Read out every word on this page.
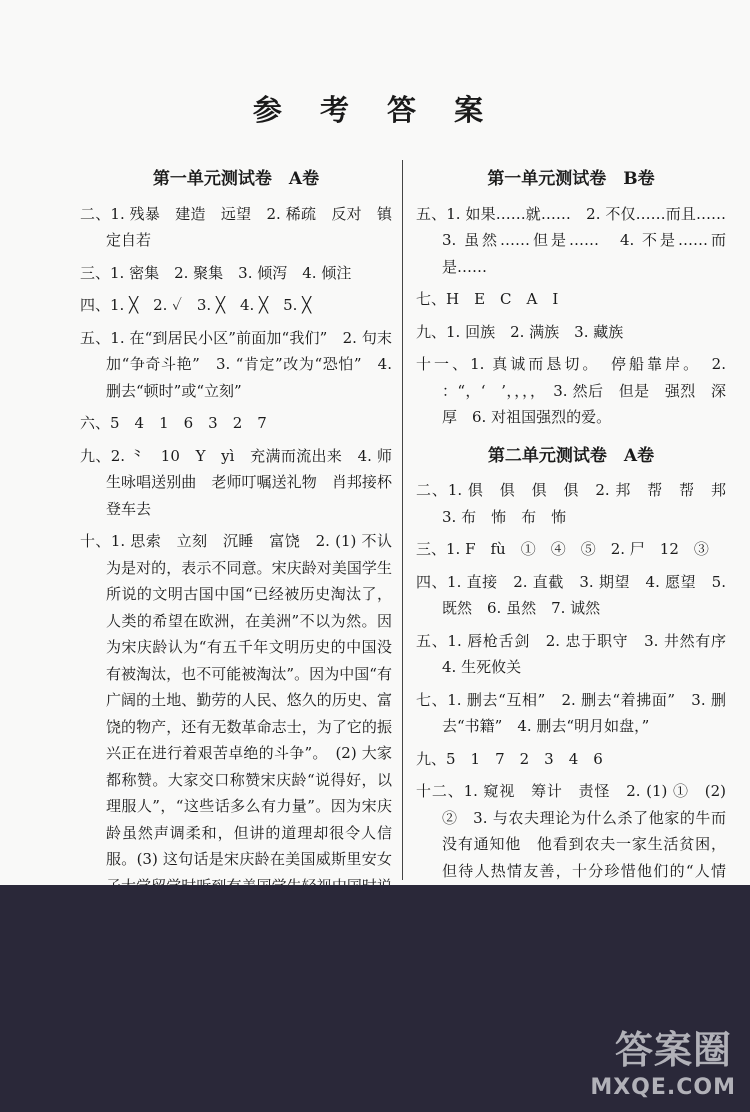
参 考 答 案
第一单元测试卷　A卷
二、1. 残暴　建造　远望　2. 稀疏　反对　镇定自若
三、1. 密集　2. 聚集　3. 倾泻　4. 倾注
四、1. ╳　2. ✓　3. ╳　4. ╳　5. ╳
五、1. 在“到居民小区”前面加“我们”　2. 句末加“争奇斗艳”　3. “肯定”改为“恐怕”　4. 删去“顿时”或“立刻”
六、5　4　1　6　3　2　7
九、2. ⺀　10　Y　yì　充满而流出来　4. 师生咏唱送别曲　老师叮嘱送礼物　肖邦接杯登车去
十、1. 思索　立刻　沉睡　富饶　2. (1) 不认为是对的，表示不同意。宋庆龄对美国学生所说的文明古国中国“已经被历史淘汰了，人类的希望在欧洲，在美洲”不以为然。因为宋庆龄认为“有五千年文明历史的中国没有被淘汰，也不可能被淘汰”。因为中国“有广阔的土地、勤劳的人民、悠久的历史、富饶的物产，还有无数革命志士，为了它的振兴正在进行着艰苦卓绝的斗争”。　(2) 大家都称赞。大家交口称赞宋庆龄“说得好，以理服人”，“这些话多么有力量”。因为宋庆龄虽然声调柔和，但讲的道理却很令人信服。(3) 这句话是宋庆龄在美国威斯里安女　
第一单元测试卷　B卷
五、1. 如果……就……　2. 不仅……而且……　3. 虽然……但是……　4. 不是……而是……
七、H　E　C　A　I
九、1. 回族　2. 满族　3. 藏族
十一、1. 真诚而恳切。　停船靠岸。　2. ：“，‘　’，，，，　3. 然后　但是　强烈　深厚　6. 对祖国强烈的爱。
第二单元测试卷　A卷
二、1. 俱　俱　俱　俱　2. 邦　帮　帮　邦　3. 布　怖　布　怖
三、1. F　fù　①　④　⑤　2. 尸　12　③
四、1. 直接　2. 直截　3. 期望　4. 愿望　5. 既然　6. 虽然　7. 诚然
五、1. 唇枪舌剑　2. 忠于职守　3. 井然有序　4. 生死攸关
七、1. 删去“互相”　2. 删去“着拂面”　3. 删去“书籍”　4. 删去“明月如盘，”
九、5　1　7　2　3　4　6
十二、1. 窥视　筹计　责怪　2. (1) ①　(2) ②　3. 与农夫理论为什么杀了他家的牛而没有通知他　他看到农夫一家生活贫困，但待人热情友善，十分珍惜他们的“人情　
答案圈
MXQE.COM
